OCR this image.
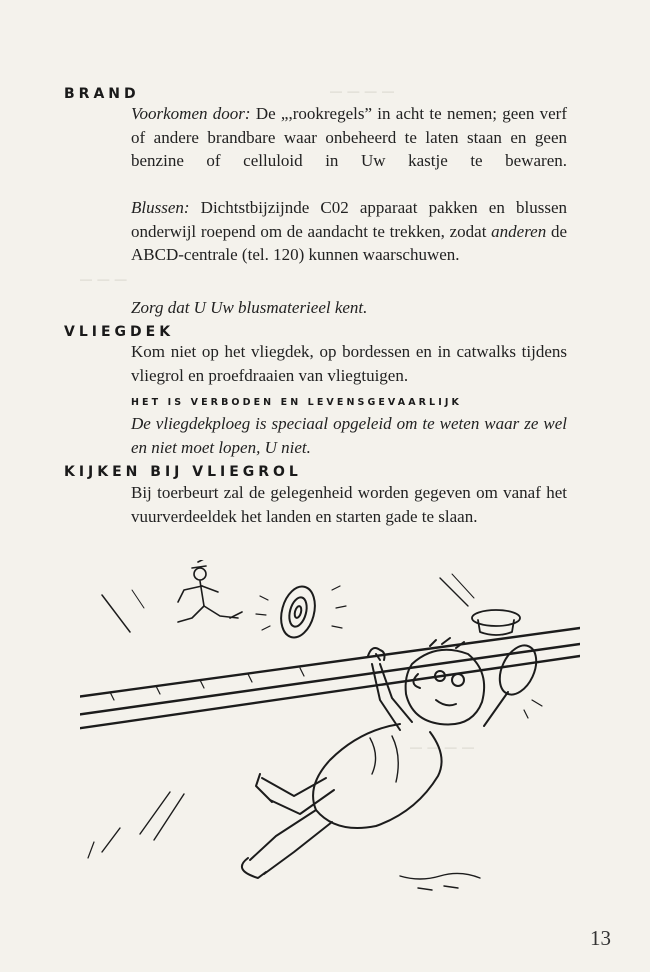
— — — —
— — —
— — — —
BRAND
Voorkomen door: De „,rookregels” in acht te nemen; geen verf of andere brandbare waar onbeheerd te laten staan en geen benzine of celluloid in Uw kastje te bewaren.
Blussen: Dichtstbijzijnde C02 apparaat pakken en blussen onderwijl roepend om de aandacht te trekken, zodat anderen de ABCD-centrale (tel. 120) kunnen waarschuwen.
Zorg dat U Uw blusmaterieel kent.
VLIEGDEK
Kom niet op het vliegdek, op bordessen en in catwalks tijdens vliegrol en proefdraaien van vliegtuigen.
HET IS VERBODEN EN LEVENSGEVAARLIJK
De vliegdekploeg is speciaal opgeleid om te weten waar ze wel en niet moet lopen, U niet.
KIJKEN BIJ VLIEGROL
Bij toerbeurt zal de gelegenheid worden gegeven om vanaf het vuurverdeeldek het landen en starten gade te slaan.
13
